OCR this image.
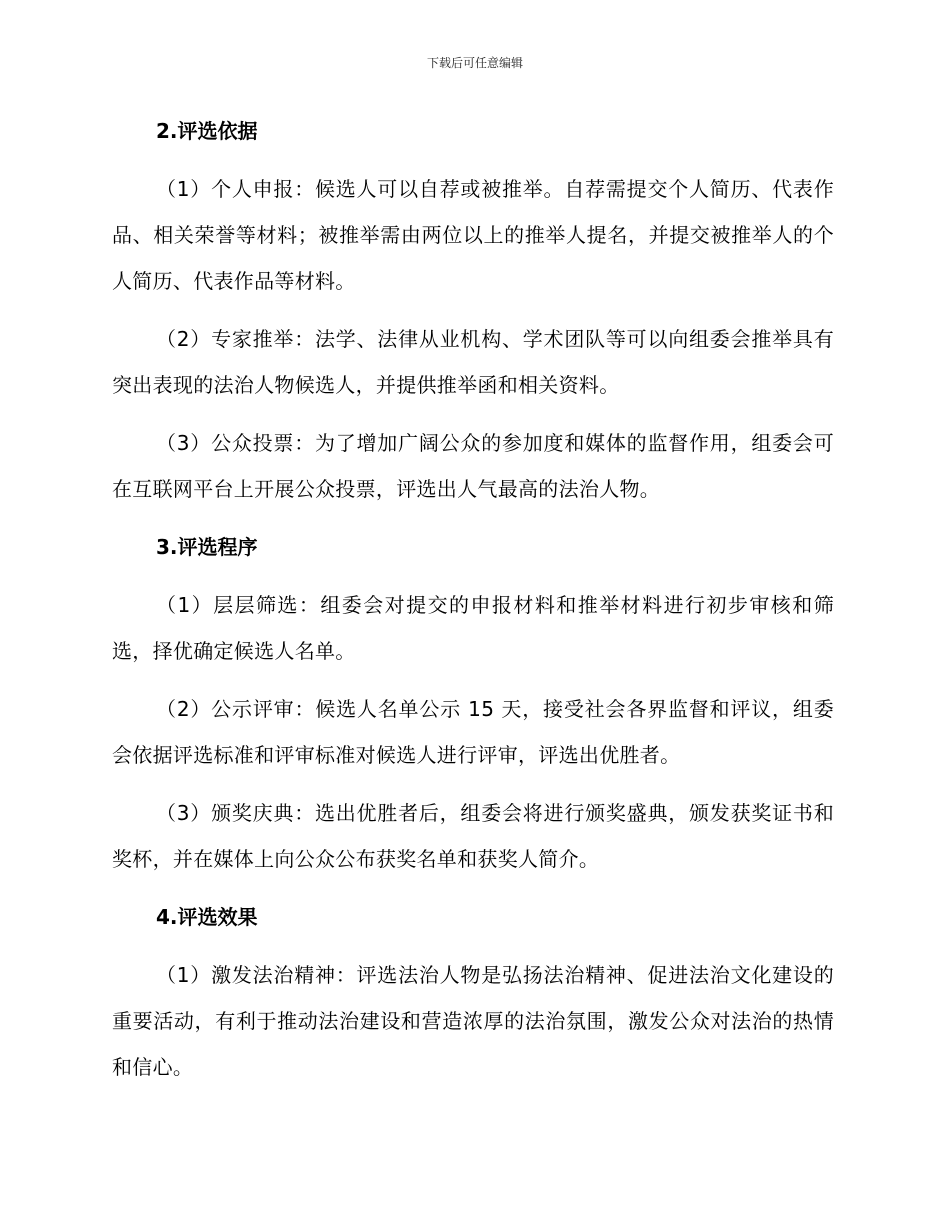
下载后可任意编辑
2.评选依据

（1）个人申报：候选人可以自荐或被推举。自荐需提交个人简历、代表作品、相关荣誉等材料；被推举需由两位以上的推举人提名，并提交被推举人的个人简历、代表作品等材料。

（2）专家推举：法学、法律从业机构、学术团队等可以向组委会推举具有突出表现的法治人物候选人，并提供推举函和相关资料。

（3）公众投票：为了增加广阔公众的参加度和媒体的监督作用，组委会可在互联网平台上开展公众投票，评选出人气最高的法治人物。

3.评选程序

（1）层层筛选：组委会对提交的申报材料和推举材料进行初步审核和筛选，择优确定候选人名单。

（2）公示评审：候选人名单公示 15 天，接受社会各界监督和评议，组委会依据评选标准和评审标准对候选人进行评审，评选出优胜者。

（3）颁奖庆典：选出优胜者后，组委会将进行颁奖盛典，颁发获奖证书和奖杯，并在媒体上向公众公布获奖名单和获奖人简介。

4.评选效果

（1）激发法治精神：评选法治人物是弘扬法治精神、促进法治文化建设的重要活动，有利于推动法治建设和营造浓厚的法治氛围，激发公众对法治的热情和信心。
